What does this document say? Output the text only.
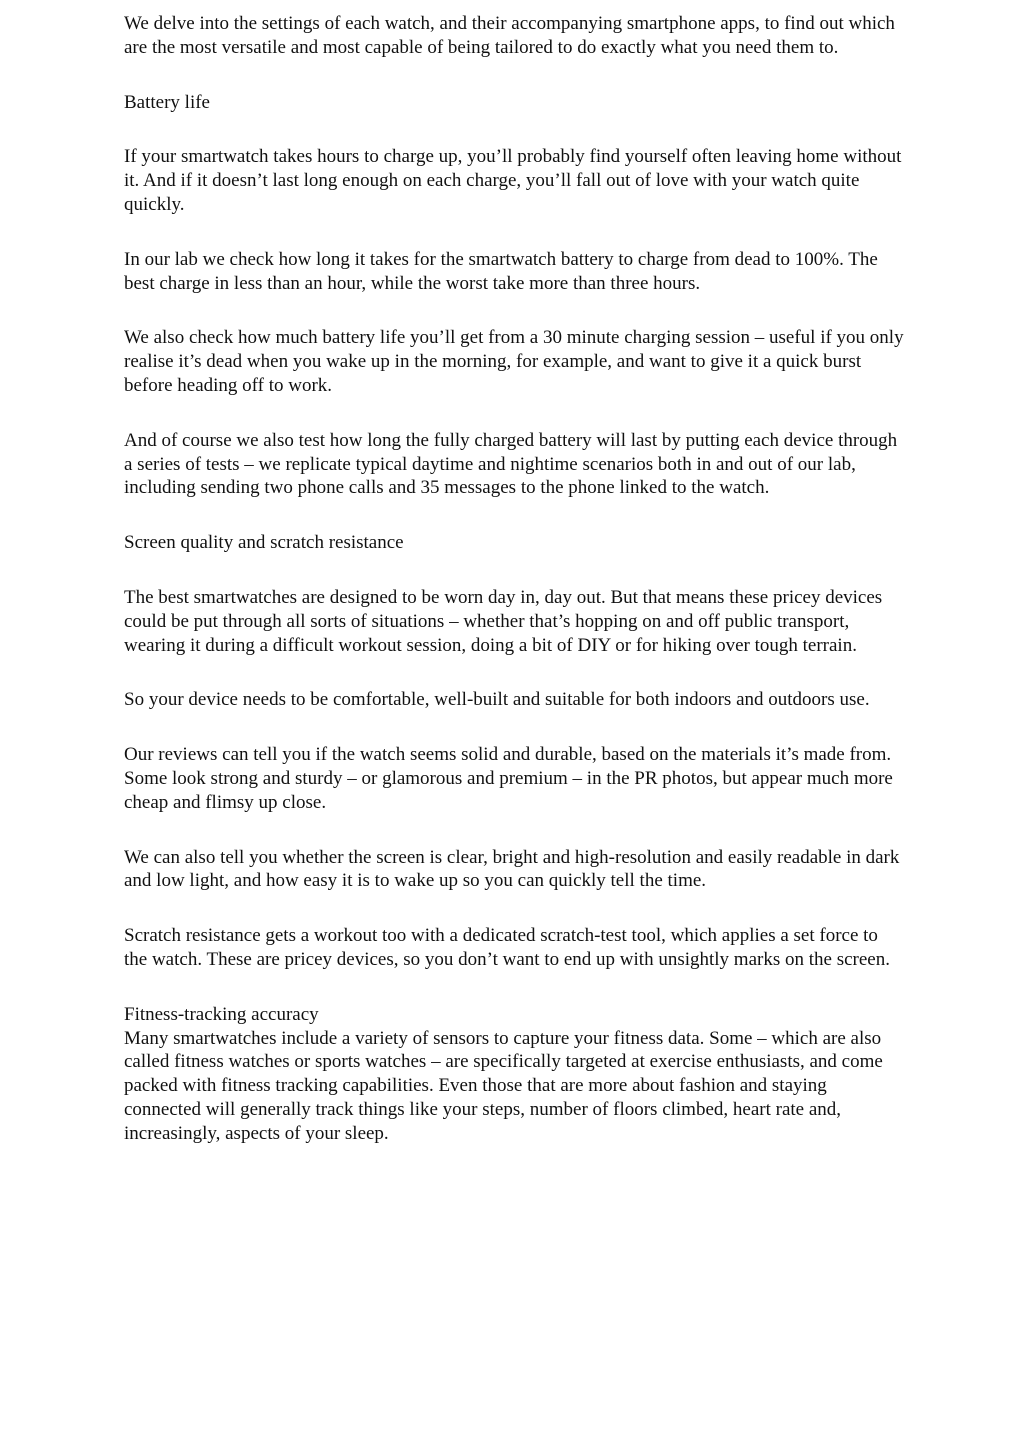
We delve into the settings of each watch, and their accompanying smartphone apps, to find out which are the most versatile and most capable of being tailored to do exactly what you need them to.

Battery life

If your smartwatch takes hours to charge up, you’ll probably find yourself often leaving home without it. And if it doesn’t last long enough on each charge, you’ll fall out of love with your watch quite quickly.

In our lab we check how long it takes for the smartwatch battery to charge from dead to 100%. The best charge in less than an hour, while the worst take more than three hours.

We also check how much battery life you’ll get from a 30 minute charging session – useful if you only realise it’s dead when you wake up in the morning, for example, and want to give it a quick burst before heading off to work.

And of course we also test how long the fully charged battery will last by putting each device through a series of tests – we replicate typical daytime and nightime scenarios both in and out of our lab, including sending two phone calls and 35 messages to the phone linked to the watch.

Screen quality and scratch resistance

The best smartwatches are designed to be worn day in, day out. But that means these pricey devices could be put through all sorts of situations – whether that’s hopping on and off public transport, wearing it during a difficult workout session, doing a bit of DIY or for hiking over tough terrain.

So your device needs to be comfortable, well-built and suitable for both indoors and outdoors use.

Our reviews can tell you if the watch seems solid and durable, based on the materials it’s made from. Some look strong and sturdy – or glamorous and premium – in the PR photos, but appear much more cheap and flimsy up close.

We can also tell you whether the screen is clear, bright and high-resolution and easily readable in dark and low light, and how easy it is to wake up so you can quickly tell the time.

Scratch resistance gets a workout too with a dedicated scratch-test tool, which applies a set force to the watch. These are pricey devices, so you don’t want to end up with unsightly marks on the screen.

Fitness-tracking accuracy

Many smartwatches include a variety of sensors to capture your fitness data. Some – which are also called fitness watches or sports watches – are specifically targeted at exercise enthusiasts, and come packed with fitness tracking capabilities. Even those that are more about fashion and staying connected will generally track things like your steps, number of floors climbed, heart rate and, increasingly, aspects of your sleep.
